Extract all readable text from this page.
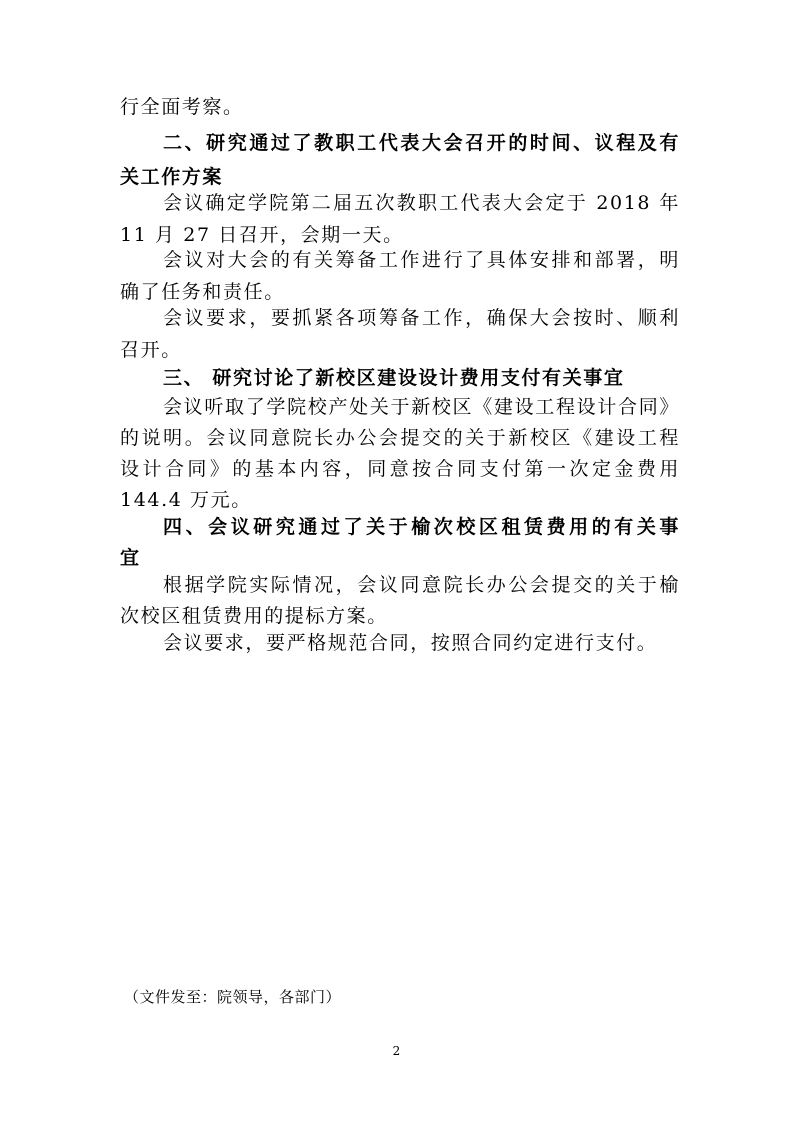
行全面考察。
二、研究通过了教职工代表大会召开的时间、议程及有
关工作方案
会议确定学院第二届五次教职工代表大会定于 2018 年
11 月 27 日召开，会期一天。
会议对大会的有关筹备工作进行了具体安排和部署，明
确了任务和责任。
会议要求，要抓紧各项筹备工作，确保大会按时、顺利
召开。
三、 研究讨论了新校区建设设计费用支付有关事宜
会议听取了学院校产处关于新校区《建设工程设计合同》
的说明。会议同意院长办公会提交的关于新校区《建设工程
设计合同》的基本内容，同意按合同支付第一次定金费用
144.4 万元。
四、会议研究通过了关于榆次校区租赁费用的有关事
宜
根据学院实际情况，会议同意院长办公会提交的关于榆
次校区租赁费用的提标方案。
会议要求，要严格规范合同，按照合同约定进行支付。
（文件发至：院领导，各部门）
2
